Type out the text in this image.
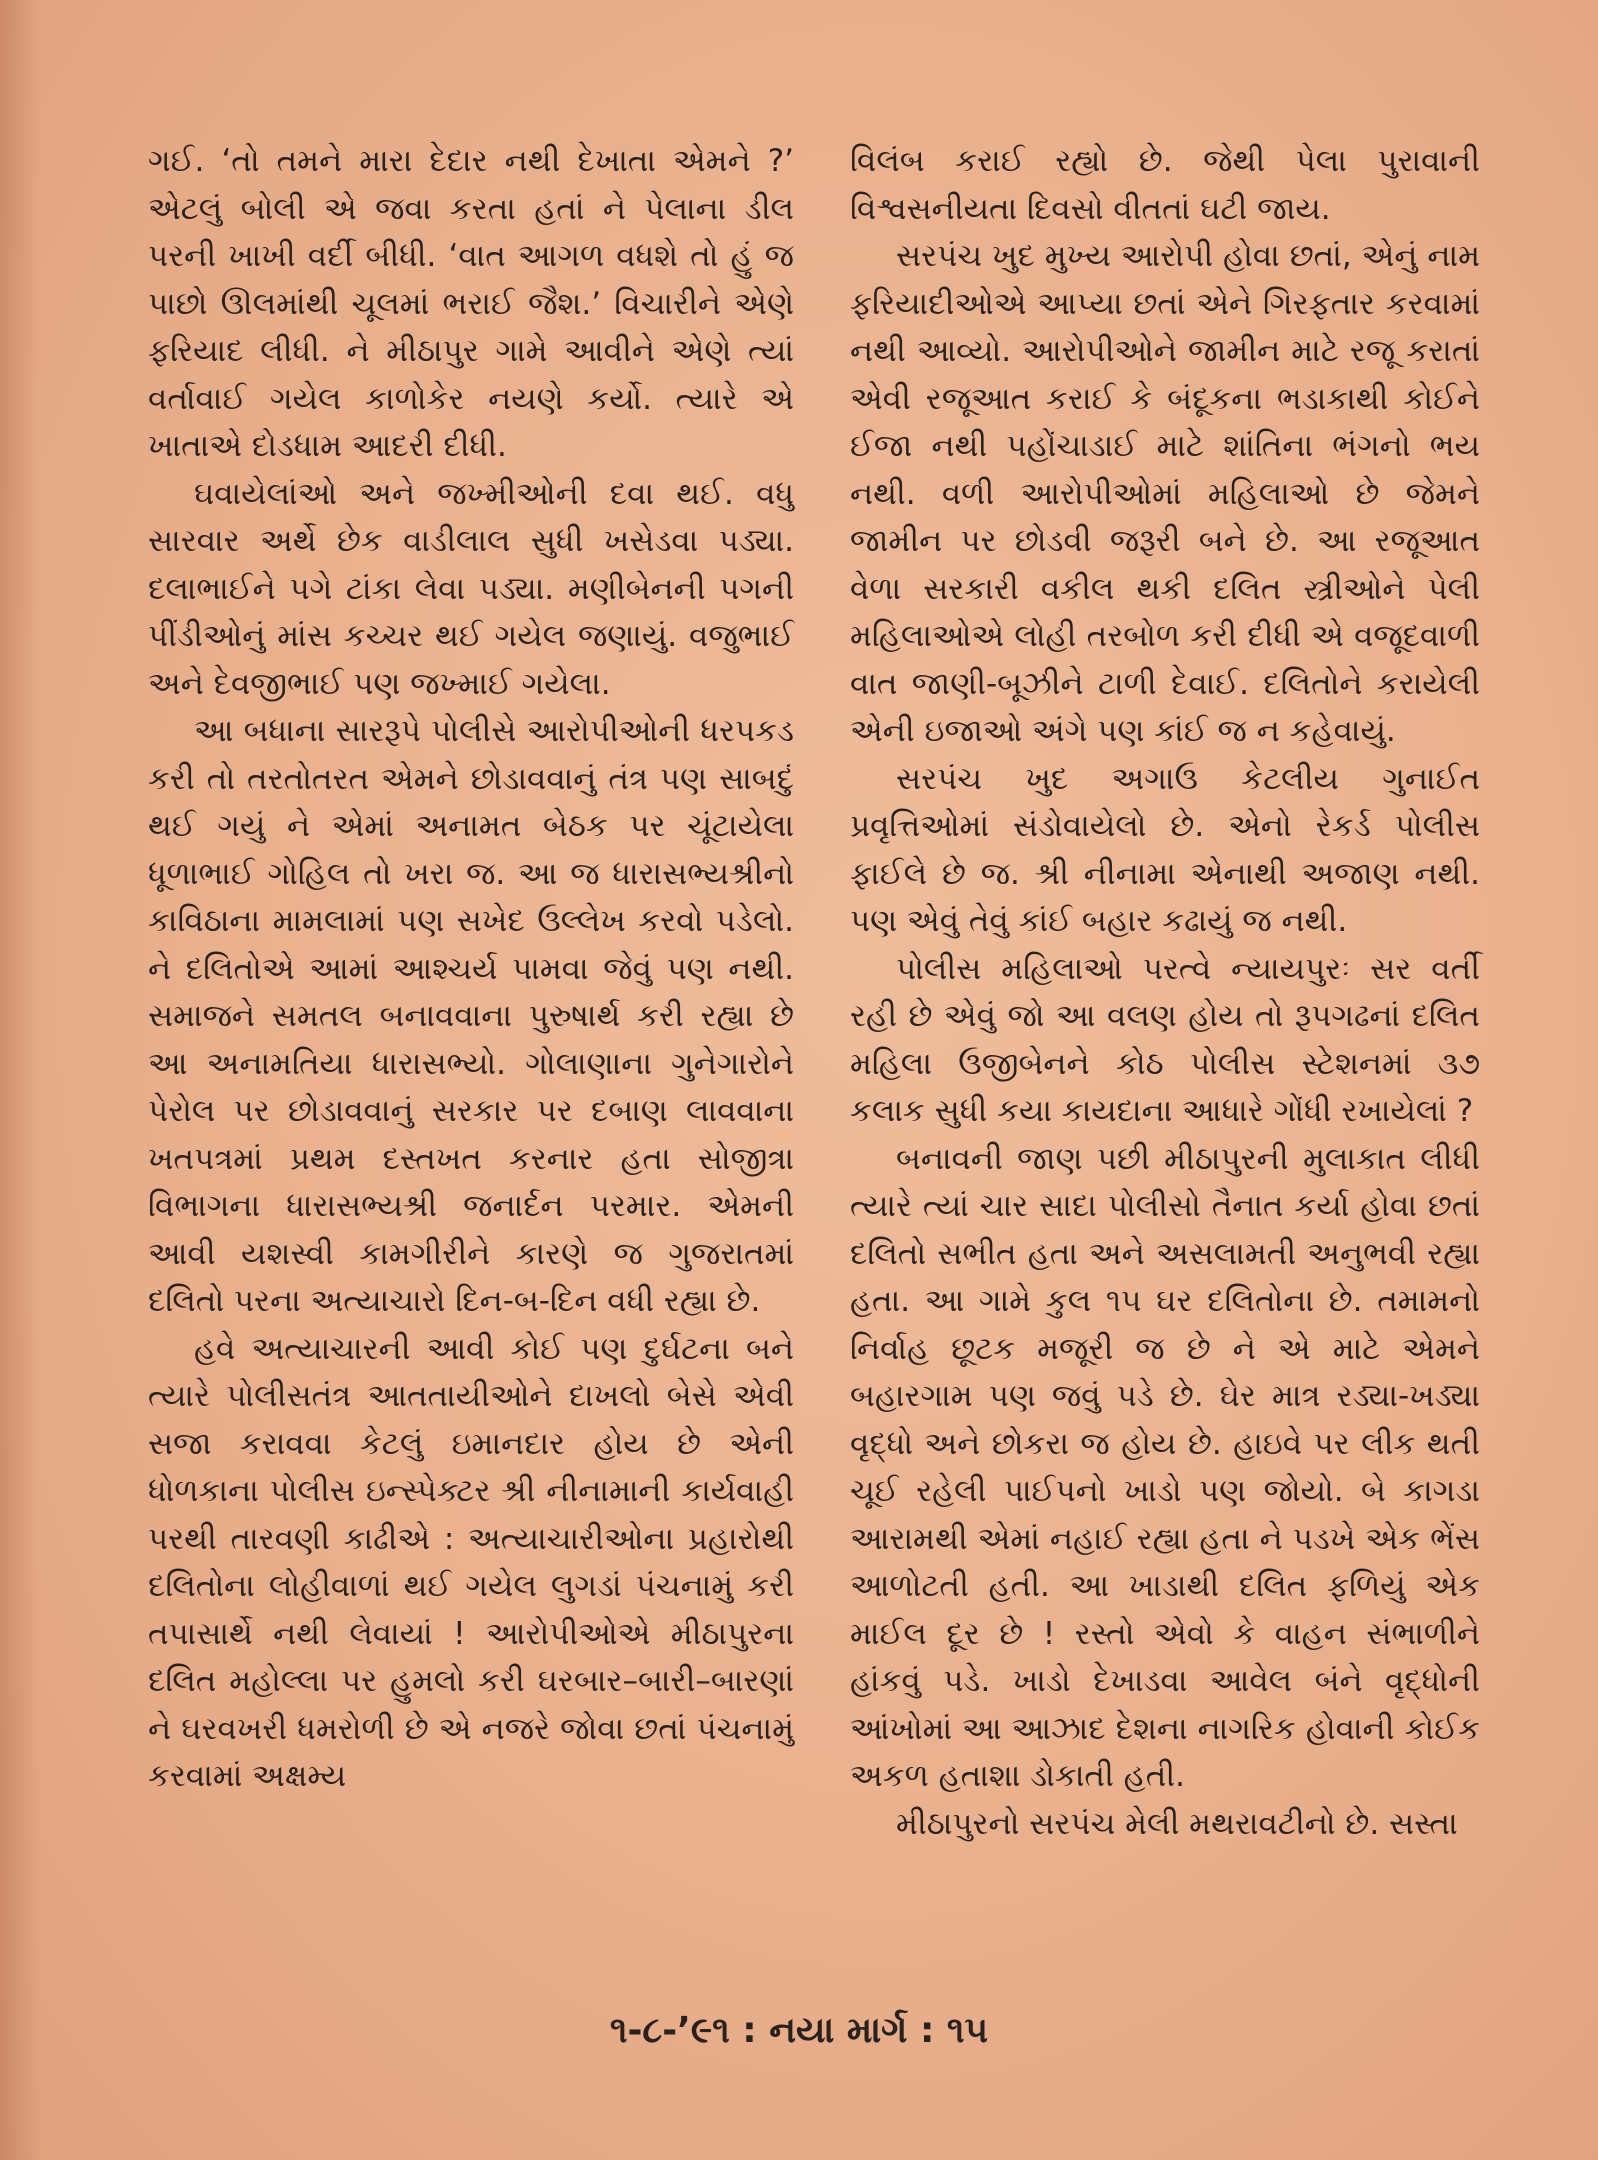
ગઈ. ‘તો તમને મારા દેદાર નથી દેખાતા એમને ?’ એટલું બોલી એ જવા કરતા હતાં ને પેલાના ડીલ પરની ખાખી વર્દી બીધી. ‘વાત આગળ વધશે તો હું જ પાછો ઊલમાંથી ચૂલમાં ભરાઈ જૈશ.’ વિચારીને એણે ફરિયાદ લીધી. ને મીઠાપુર ગામે આવીને એણે ત્યાં વર્તાવાઈ ગયેલ કાળોકેર નયણે કર્યો. ત્યારે એ ખાતાએ દોડધામ આદરી દીધી.

ઘવાયેલાંઓ અને જખ્મીઓની દવા થઈ. વધુ સારવાર અર્થે છેક વાડીલાલ સુધી ખસેડવા પડ્યા. દલાભાઈને પગે ટાંકા લેવા પડ્યા. મણીબેનની પગની પીંડીઓનું માંસ કચ્ચર થઈ ગયેલ જણાયું. વજુભાઈ અને દેવજીભાઈ પણ જખ્માઈ ગયેલા.

આ બધાના સારરૂપે પોલીસે આરોપીઓની ધરપકડ કરી તો તરતોતરત એમને છોડાવવાનું તંત્ર પણ સાબદું થઈ ગયું ને એમાં અનામત બેઠક પર ચૂંટાયેલા ધૂળાભાઈ ગોહિલ તો ખરા જ. આ જ ધારાસભ્યશ્રીનો કાવિઠાના મામલામાં પણ સખેદ ઉલ્લેખ કરવો પડેલો. ને દલિતોએ આમાં આશ્ચર્ય પામવા જેવું પણ નથી. સમાજને સમતલ બનાવવાના પુરુષાર્થ કરી રહ્યા છે આ અનામતિયા ધારાસભ્યો. ગોલાણાના ગુનેગારોને પેરોલ પર છોડાવવાનું સરકાર પર દબાણ લાવવાના ખતપત્રમાં પ્રથમ દસ્તખત કરનાર હતા સોજીત્રા વિભાગના ધારાસભ્યશ્રી જનાર્દન પરમાર. એમની આવી યશસ્વી કામગીરીને કારણે જ ગુજરાતમાં દલિતો પરના અત્યાચારો દિન-બ-દિન વધી રહ્યા છે.

હવે અત્યાચારની આવી કોઈ પણ દુર્ઘટના બને ત્યારે પોલીસતંત્ર આતતાયીઓને દાખલો બેસે એવી સજા કરાવવા કેટલું ઇમાનદાર હોય છે એની ધોળકાના પોલીસ ઇન્સ્પેક્ટર શ્રી નીનામાની કાર્યવાહી પરથી તારવણી કાઢીએ : અત્યાચારીઓના પ્રહારોથી દલિતોના લોહીવાળાં થઈ ગયેલ લુગડાં પંચનામું કરી તપાસાર્થે નથી લેવાયાં ! આરોપીઓએ મીઠાપુરના દલિત મહોલ્લા પર હુમલો કરી ઘરબાર–બારી–બારણાં ને ઘરવખરી ધમરોળી છે એ નજરે જોવા છતાં પંચનામું કરવામાં અક્ષમ્ય

વિલંબ કરાઈ રહ્યો છે. જેથી પેલા પુરાવાની વિશ્વસનીયતા દિવસો વીતતાં ઘટી જાય.

સરપંચ ખુદ મુખ્ય આરોપી હોવા છતાં, એનું નામ ફરિયાદીઓએ આપ્યા છતાં એને ગિરફતાર કરવામાં નથી આવ્યો. આરોપીઓને જામીન માટે રજૂ કરાતાં એવી રજૂઆત કરાઈ કે બંદૂકના ભડાકાથી કોઈને ઈજા નથી પહોંચાડાઈ માટે શાંતિના ભંગનો ભય નથી. વળી આરોપીઓમાં મહિલાઓ છે જેમને જામીન પર છોડવી જરૂરી બને છે. આ રજૂઆત વેળા સરકારી વકીલ થકી દલિત સ્ત્રીઓને પેલી મહિલાઓએ લોહી તરબોળ કરી દીધી એ વજૂદવાળી વાત જાણી-બૂઝીને ટાળી દેવાઈ. દલિતોને કરાયેલી એની ઇજાઓ અંગે પણ કાંઈ જ ન કહેવાયું.

સરપંચ ખુદ અગાઉ કેટલીય ગુનાઈત પ્રવૃત્તિઓમાં સંડોવાયેલો છે. એનો રેકર્ડ પોલીસ ફાઈલે છે જ. શ્રી નીનામા એનાથી અજાણ નથી. પણ એવું તેવું કાંઈ બહાર કઢાયું જ નથી.

પોલીસ મહિલાઓ પરત્વે ન્યાયપુરઃ સર વર્તી રહી છે એવું જો આ વલણ હોય તો રૂપગઢનાં દલિત મહિલા ઉજીબેનને કોઠ પોલીસ સ્ટેશનમાં ૩૭ કલાક સુધી કયા કાયદાના આધારે ગોંધી રખાયેલાં ?

બનાવની જાણ પછી મીઠાપુરની મુલાકાત લીધી ત્યારે ત્યાં ચાર સાદા પોલીસો તૈનાત કર્યા હોવા છતાં દલિતો સભીત હતા અને અસલામતી અનુભવી રહ્યા હતા. આ ગામે કુલ ૧૫ ઘર દલિતોના છે. તમામનો નિર્વાહ છૂટક મજૂરી જ છે ને એ માટે એમને બહારગામ પણ જવું પડે છે. ઘેર માત્ર રડ્યા-ખડ્યા વૃદ્ધો અને છોકરા જ હોય છે. હાઇવે પર લીક થતી ચૂઈ રહેલી પાઈપનો ખાડો પણ જોયો. બે કાગડા આરામથી એમાં નહાઈ રહ્યા હતા ને પડખે એક ભેંસ આળોટતી હતી. આ ખાડાથી દલિત ફળિયું એક માઈલ દૂર છે ! રસ્તો એવો કે વાહન સંભાળીને હાંકવું પડે. ખાડો દેખાડવા આવેલ બંને વૃદ્ધોની આંખોમાં આ આઝાદ દેશના નાગરિક હોવાની કોઈક અકળ હતાશા ડોકાતી હતી.

મીઠાપુરનો સરપંચ મેલી મથરાવટીનો છે. સસ્તા

૧-૮-’૯૧ : નયા માર્ગ : ૧૫
